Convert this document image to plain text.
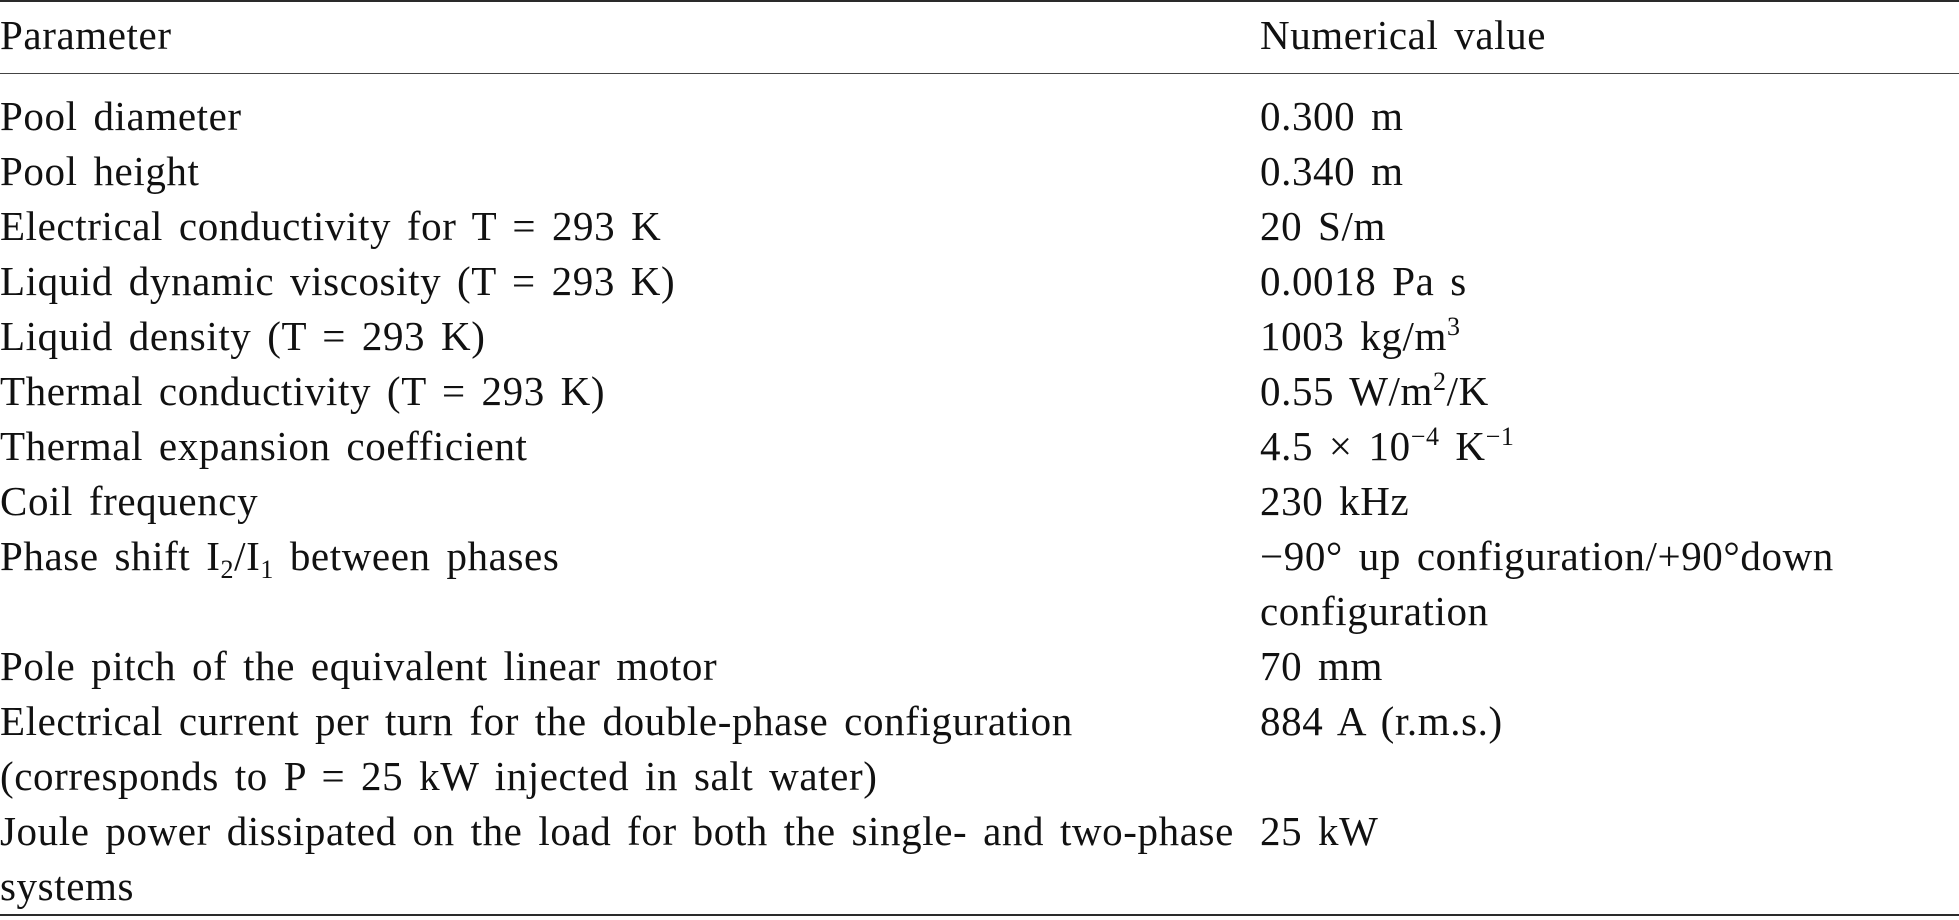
Parameter	Numerical value
Pool diameter	0.300 m
Pool height	0.340 m
Electrical conductivity for T = 293 K	20 S/m
Liquid dynamic viscosity (T = 293 K)	0.0018 Pa s
Liquid density (T = 293 K)	1003 $kg/m^3$
Thermal conductivity (T = 293 K)	0.55 $W/m^2/K$
Thermal expansion coefficient	$4.5 \times 10^{-4}$ $K^{-1}$
Coil frequency	230 kHz
Phase shift $I_2/I_1$ between phases	−90° up configuration/+90°down configuration
Pole pitch of the equivalent linear motor	70 mm
Electrical current per turn for the double-phase configuration (corresponds to P = 25 kW injected in salt water)	884 A (r.m.s.)
Joule power dissipated on the load for both the single- and two-phase systems	25 kW
